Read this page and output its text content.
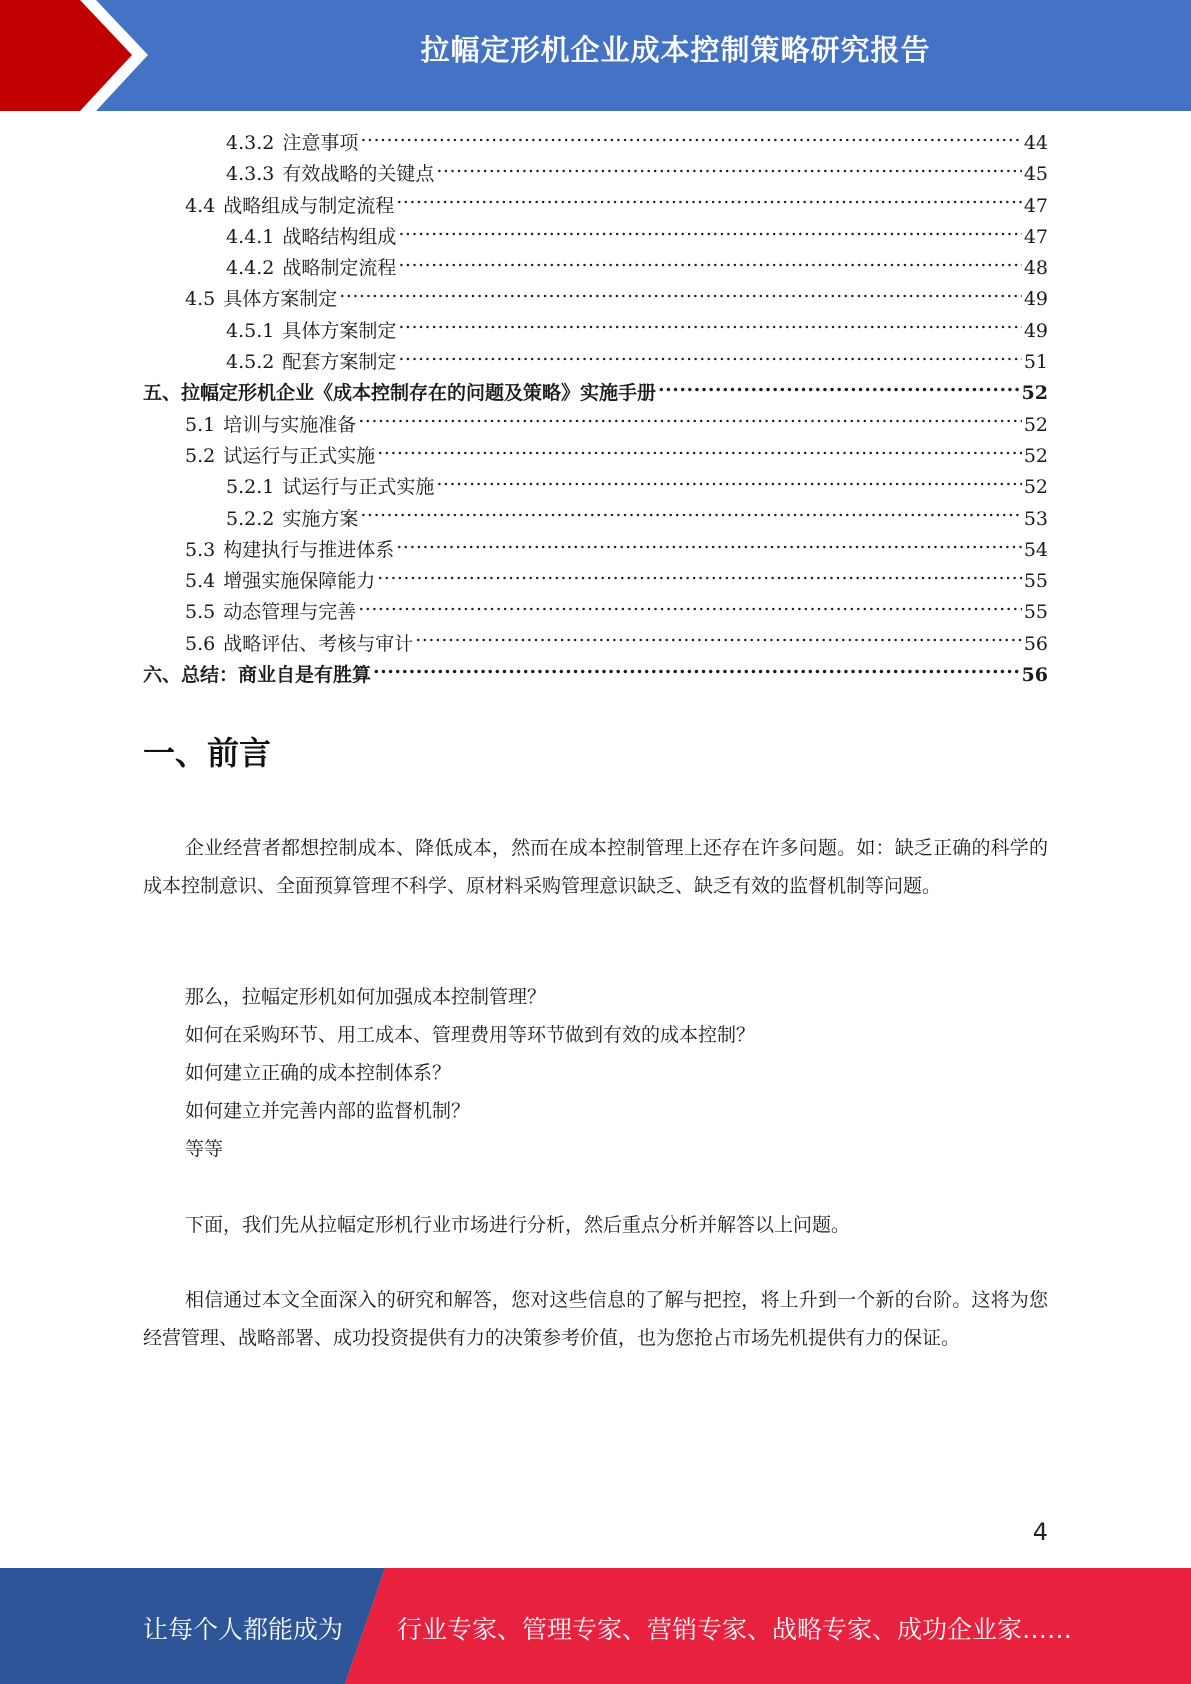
拉幅定形机企业成本控制策略研究报告
4.3.2 注意事项 .....	44
4.3.3 有效战略的关键点 .....	45
4.4 战略组成与制定流程 .....	47
4.4.1 战略结构组成 .....	47
4.4.2 战略制定流程 .....	48
4.5 具体方案制定 .....	49
4.5.1 具体方案制定 .....	49
4.5.2 配套方案制定 .....	51
五、拉幅定形机企业《成本控制存在的问题及策略》实施手册 .....	52
5.1 培训与实施准备 .....	52
5.2 试运行与正式实施 .....	52
5.2.1 试运行与正式实施 .....	52
5.2.2 实施方案 .....	53
5.3 构建执行与推进体系 .....	54
5.4 增强实施保障能力 .....	55
5.5 动态管理与完善 .....	55
5.6 战略评估、考核与审计 .....	56
六、总结：商业自是有胜算 .....	56
一、前言

企业经营者都想控制成本、降低成本，然而在成本控制管理上还存在许多问题。如：缺乏正确的科学的成本控制意识、全面预算管理不科学、原材料采购管理意识缺乏、缺乏有效的监督机制等问题。

那么，拉幅定形机如何加强成本控制管理？
如何在采购环节、用工成本、管理费用等环节做到有效的成本控制？
如何建立正确的成本控制体系？
如何建立并完善内部的监督机制？
等等

下面，我们先从拉幅定形机行业市场进行分析，然后重点分析并解答以上问题。

相信通过本文全面深入的研究和解答，您对这些信息的了解与把控，将上升到一个新的台阶。这将为您经营管理、战略部署、成功投资提供有力的决策参考价值，也为您抢占市场先机提供有力的保证。

4
让每个人都能成为 行业专家、管理专家、营销专家、战略专家、成功企业家……
